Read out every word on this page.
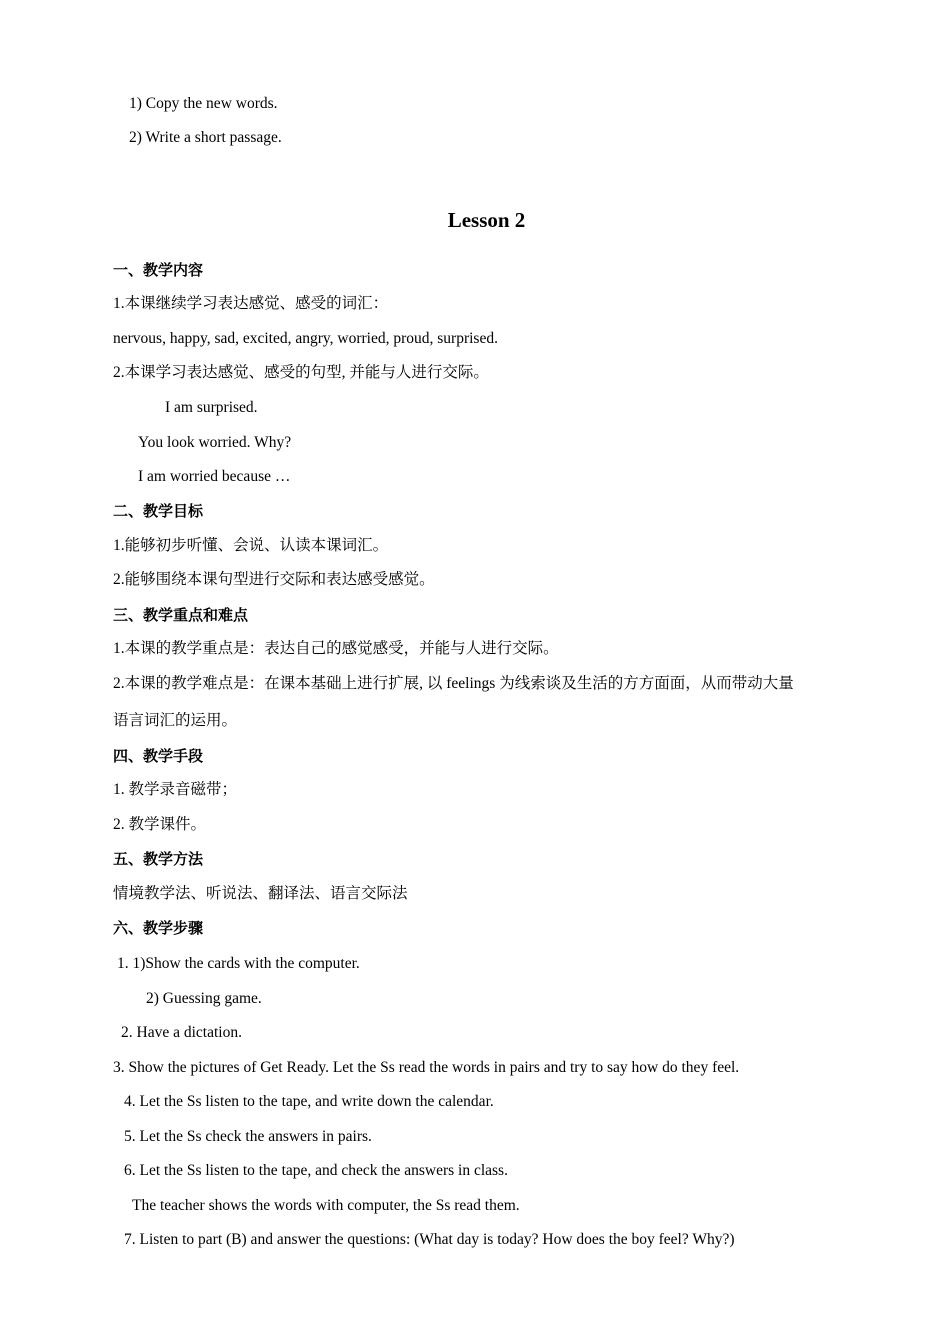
1) Copy the new words.
2) Write a short passage.
Lesson 2
一、教学内容
1.本课继续学习表达感觉、感受的词汇：
nervous, happy, sad, excited, angry, worried, proud, surprised.
2.本课学习表达感觉、感受的句型, 并能与人进行交际。
I am surprised.
You look worried. Why?
I am worried because …
二、教学目标
1.能够初步听懂、会说、认读本课词汇。
2.能够围绕本课句型进行交际和表达感受感觉。
三、教学重点和难点
1.本课的教学重点是：表达自己的感觉感受，并能与人进行交际。
2.本课的教学难点是：在课本基础上进行扩展, 以 feelings 为线索谈及生活的方方面面，从而带动大量
语言词汇的运用。
四、教学手段
1. 教学录音磁带；
2. 教学课件。
五、教学方法
情境教学法、听说法、翻译法、语言交际法
六、教学步骤
1. 1)Show the cards with the computer.
2) Guessing game.
2. Have a dictation.
3. Show the pictures of Get Ready. Let the Ss read the words in pairs and try to say how do they feel.
4. Let the Ss listen to the tape, and write down the calendar.
5. Let the Ss check the answers in pairs.
6. Let the Ss listen to the tape, and check the answers in class.
The teacher shows the words with computer, the Ss read them.
7. Listen to part (B) and answer the questions: (What day is today? How does the boy feel? Why?)
